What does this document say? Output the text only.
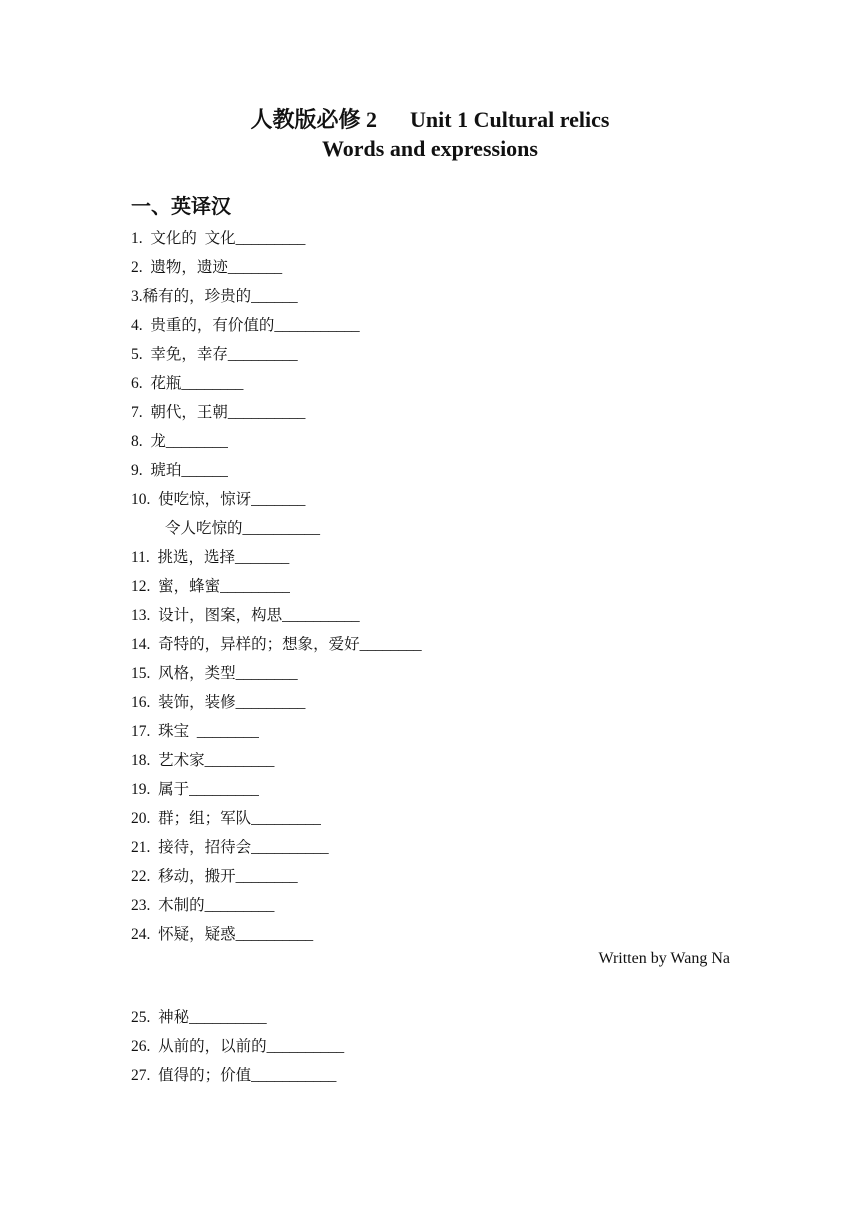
人教版必修 2      Unit 1 Cultural relics
Words and expressions
一、英译汉
1.  文化的  文化_________
2.  遗物，遗迹_______
3.稀有的，珍贵的______
4.  贵重的，有价值的___________
5.  幸免，幸存_________
6.  花瓶________
7.  朝代，王朝__________
8.  龙________
9.  琥珀______
10.  使吃惊，惊讶_______
令人吃惊的__________
11.  挑选，选择_______
12.  蜜，蜂蜜_________
13.  设计，图案，构思__________
14.  奇特的，异样的；想象，爱好________
15.  风格，类型________
16.  装饰，装修_________
17.  珠宝  ________
18.  艺术家_________
19.  属于_________
20.  群；组；军队_________
21.  接待，招待会__________
22.  移动，搬开________
23.  木制的_________
24.  怀疑，疑惑__________
Written by Wang Na
25.  神秘__________
26.  从前的，以前的__________
27.  值得的；价值___________
